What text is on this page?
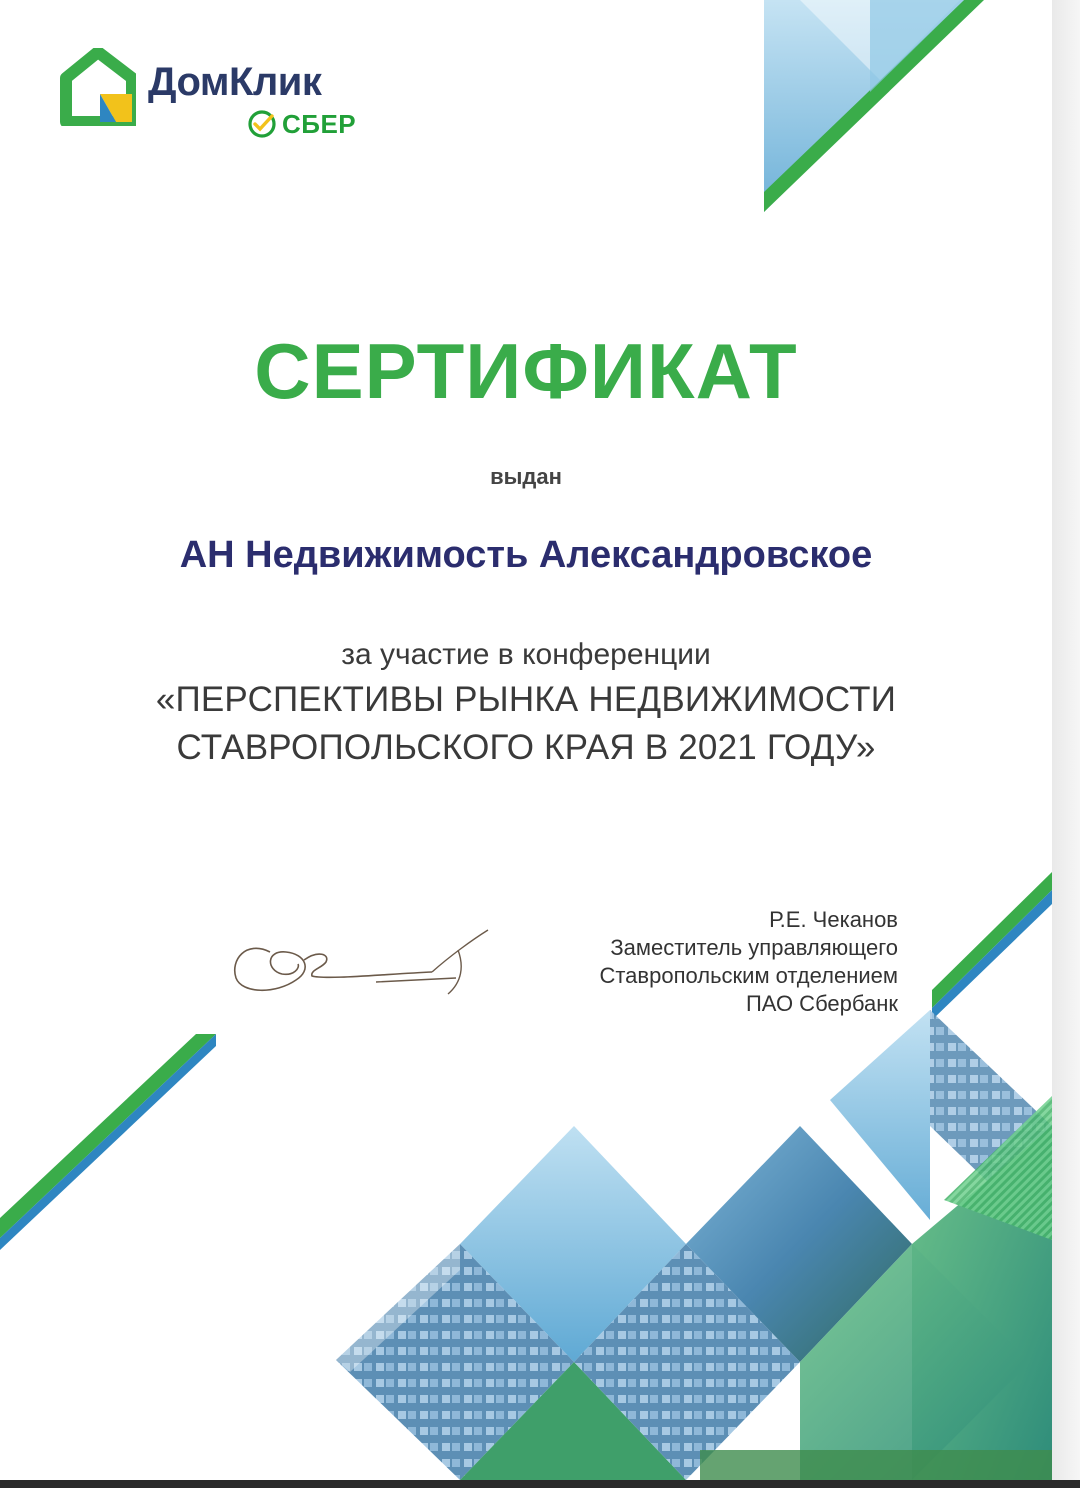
ДомКлик
СБЕР
СЕРТИФИКАТ
выдан
АН Недвижимость Александровское
за участие в конференции
«ПЕРСПЕКТИВЫ РЫНКА НЕДВИЖИМОСТИ
СТАВРОПОЛЬСКОГО КРАЯ В 2021 ГОДУ»
Р.Е. Чеканов
Заместитель управляющего
Ставропольским отделением
ПАО Сбербанк
